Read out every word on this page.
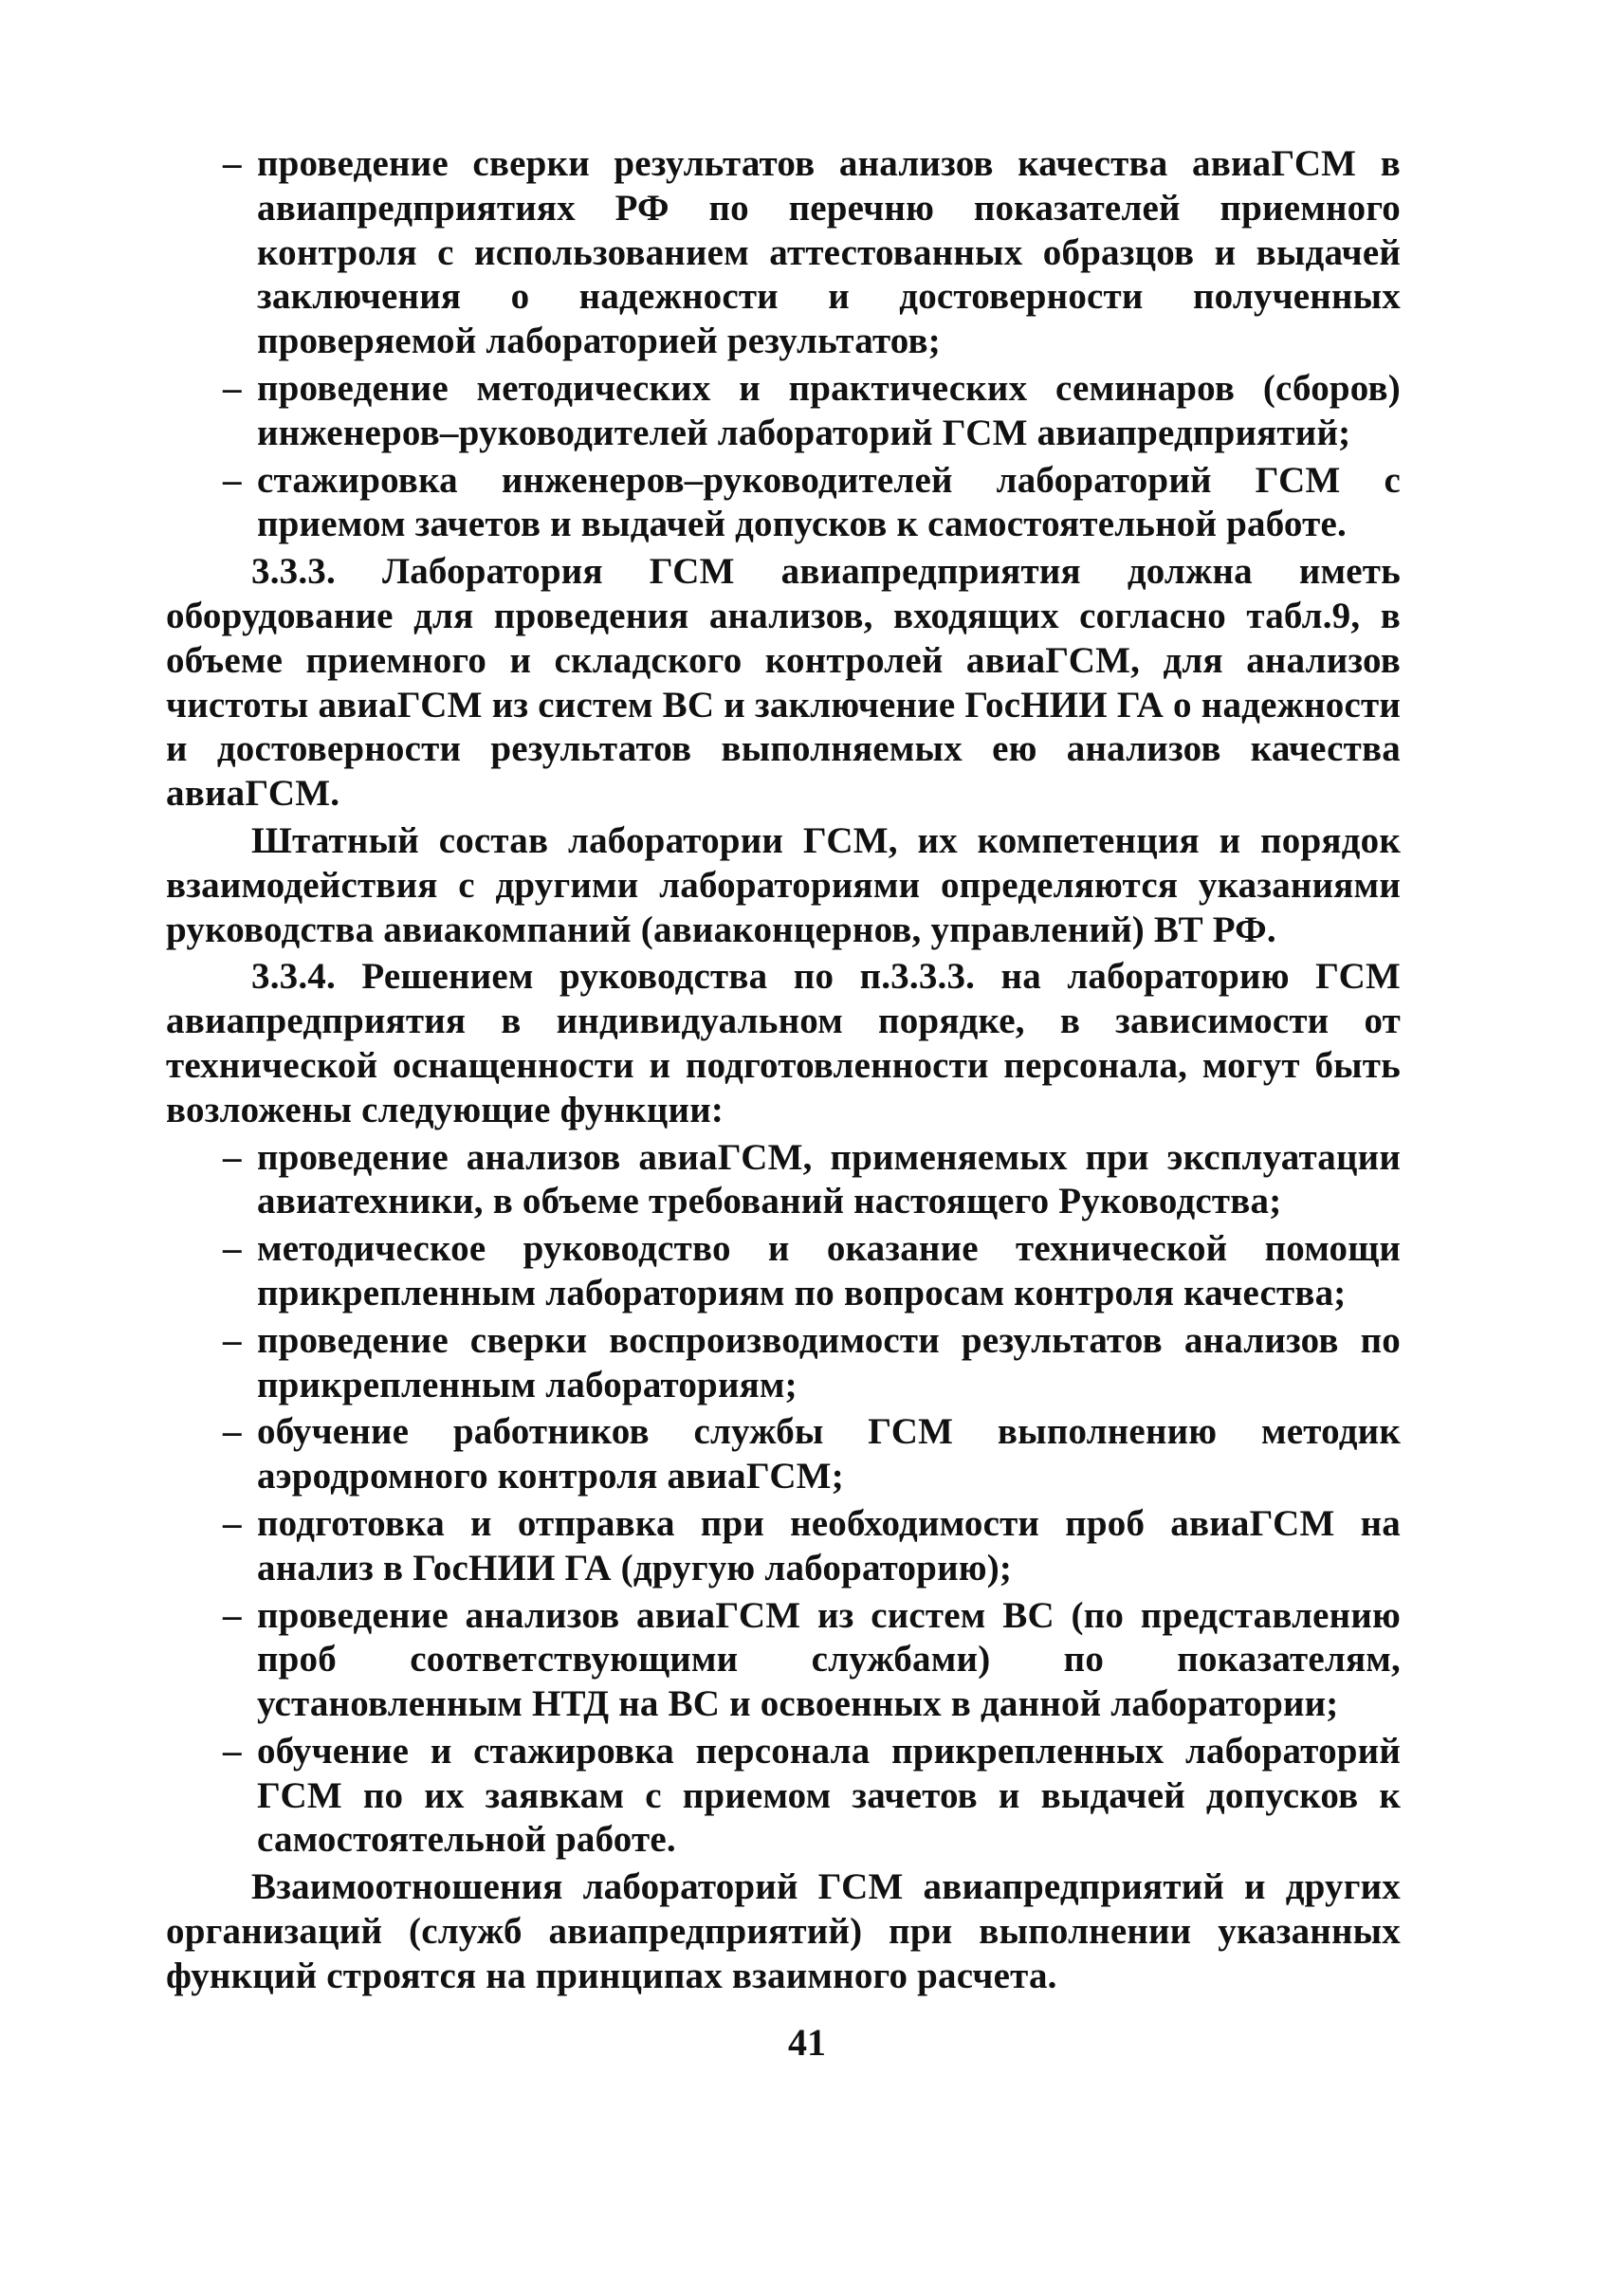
– проведение сверки результатов анализов качества авиаГСМ в авиапредприятиях РФ по перечню показателей приемного контроля с использованием аттестованных образцов и выдачей заключения о надежности и достоверности полученных проверяемой лабораторией результатов;
– проведение методических и практических семинаров (сборов) инженеров–руководителей лабораторий ГСМ авиапредприятий;
– стажировка инженеров–руководителей лабораторий ГСМ с приемом зачетов и выдачей допусков к самостоятельной работе.
3.3.3. Лаборатория ГСМ авиапредприятия должна иметь оборудование для проведения анализов, входящих согласно табл.9, в объеме приемного и складского контролей авиаГСМ, для анализов чистоты авиаГСМ из систем ВС и заключение ГосНИИ ГА о надежности и достоверности результатов выполняемых ею анализов качества авиаГСМ.
Штатный состав лаборатории ГСМ, их компетенция и порядок взаимодействия с другими лабораториями определяются указаниями руководства авиакомпаний (авиаконцернов, управлений) ВТ РФ.
3.3.4. Решением руководства по п.3.3.3. на лабораторию ГСМ авиапредприятия в индивидуальном порядке, в зависимости от технической оснащенности и подготовленности персонала, могут быть возложены следующие функции:
– проведение анализов авиаГСМ, применяемых при эксплуатации авиатехники, в объеме требований настоящего Руководства;
– методическое руководство и оказание технической помощи прикрепленным лабораториям по вопросам контроля качества;
– проведение сверки воспроизводимости результатов анализов по прикрепленным лабораториям;
– обучение работников службы ГСМ выполнению методик аэродромного контроля авиаГСМ;
– подготовка и отправка при необходимости проб авиаГСМ на анализ в ГосНИИ ГА (другую лабораторию);
– проведение анализов авиаГСМ из систем ВС (по представлению проб соответствующими службами) по показателям, установленным НТД на ВС и освоенных в данной лаборатории;
– обучение и стажировка персонала прикрепленных лабораторий ГСМ по их заявкам с приемом зачетов и выдачей допусков к самостоятельной работе.
Взаимоотношения лабораторий ГСМ авиапредприятий и других организаций (служб авиапредприятий) при выполнении указанных функций строятся на принципах взаимного расчета.
41
